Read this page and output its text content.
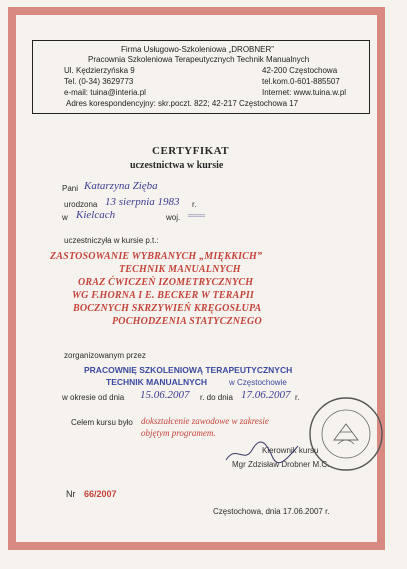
Firma Usługowo-Szkoleniowa „DROBNER”
Pracownia Szkoleniowa Terapeutycznych Technik Manualnych
Ul. Kędzierzyńska 9	42-200 Częstochowa
Tel. (0-34) 3629773	tel.kom.0-601-885507
e-mail: tuina@interia.pl	Internet: www.tuina.w.pl
Adres korespondencyjny: skr.poczt. 822; 42-217 Częstochowa 17
CERTYFIKAT
uczestnictwa w kursie
Pani Katarzyna Zięba
urodzona 13 sierpnia 1983 r.
w Kielcach	woj. ═══
uczestniczyła w kursie p.t.:
ZASTOSOWANIE WYBRANYCH „MIĘKKICH”
TECHNIK MANUALNYCH
ORAZ ĆWICZEŃ IZOMETRYCZNYCH
WG F.HORNA I E. BECKER W TERAPII
BOCZNYCH SKRZYWIEŃ KRĘGOSŁUPA
POCHODZENIA STATYCZNEGO
zorganizowanym przez
PRACOWNIĘ SZKOLENIOWĄ TERAPEUTYCZNYCH
TECHNIK MANUALNYCH	w Częstochowie
w okresie od dnia 15.06.2007 r. do dnia 17.06.2007 r.
Celem kursu było dokształcenie zawodowe w zakresie
objętym programem.
Kierownik kursu
Mgr Zdzisław Drobner M.C.
Nr 66/2007
Częstochowa, dnia 17.06.2007 r.
